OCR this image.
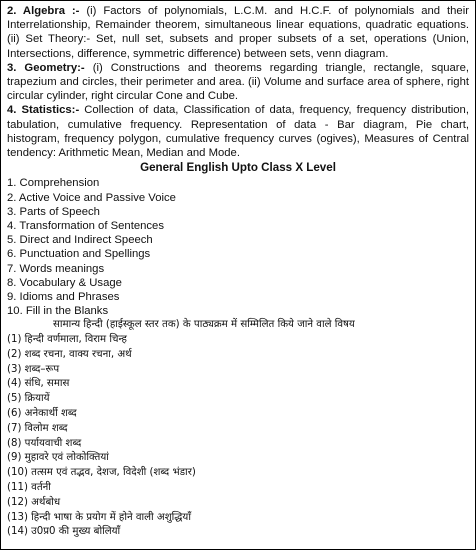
2. Algebra :- (i) Factors of polynomials, L.C.M. and H.C.F. of polynomials and their Interrelationship, Remainder theorem, simultaneous linear equations, quadratic equations. (ii) Set Theory:- Set, null set, subsets and proper subsets of a set, operations (Union, Intersections, difference, symmetric difference) between sets, venn diagram.

3. Geometry:- (i) Constructions and theorems regarding triangle, rectangle, square, trapezium and circles, their perimeter and area. (ii) Volume and surface area of sphere, right circular cylinder, right circular Cone and Cube.

4. Statistics:- Collection of data, Classification of data, frequency, frequency distribution, tabulation, cumulative frequency. Representation of data - Bar diagram, Pie chart, histogram, frequency polygon, cumulative frequency curves (ogives), Measures of Central tendency: Arithmetic Mean, Median and Mode.

General English Upto Class X Level
1. Comprehension
2. Active Voice and Passive Voice
3. Parts of Speech
4. Transformation of Sentences
5. Direct and Indirect Speech
6. Punctuation and Spellings
7. Words meanings
8. Vocabulary & Usage
9. Idioms and Phrases
10. Fill in the Blanks
सामान्य हिन्दी (हाईस्कूल स्तर तक) के पाठ्यक्रम में सम्मिलित किये जाने वाले विषय
(1) हिन्दी वर्णमाला, विराम चिन्ह
(2) शब्द रचना, वाक्य रचना, अर्थ
(3) शब्द–रूप
(4) संधि, समास
(5) क्रियायें
(6) अनेकार्थी शब्द
(7) विलोम शब्द
(8) पर्यायवाची शब्द
(9) मुहावरे एवं लोकोक्तियां
(10) तत्सम एवं तद्भव, देशज, विदेशी (शब्द भंडार)
(11) वर्तनी
(12) अर्थबोध
(13) हिन्दी भाषा के प्रयोग में होने वाली अशुद्धियाँ
(14) उ0प्र0 की मुख्य बोलियाँ
